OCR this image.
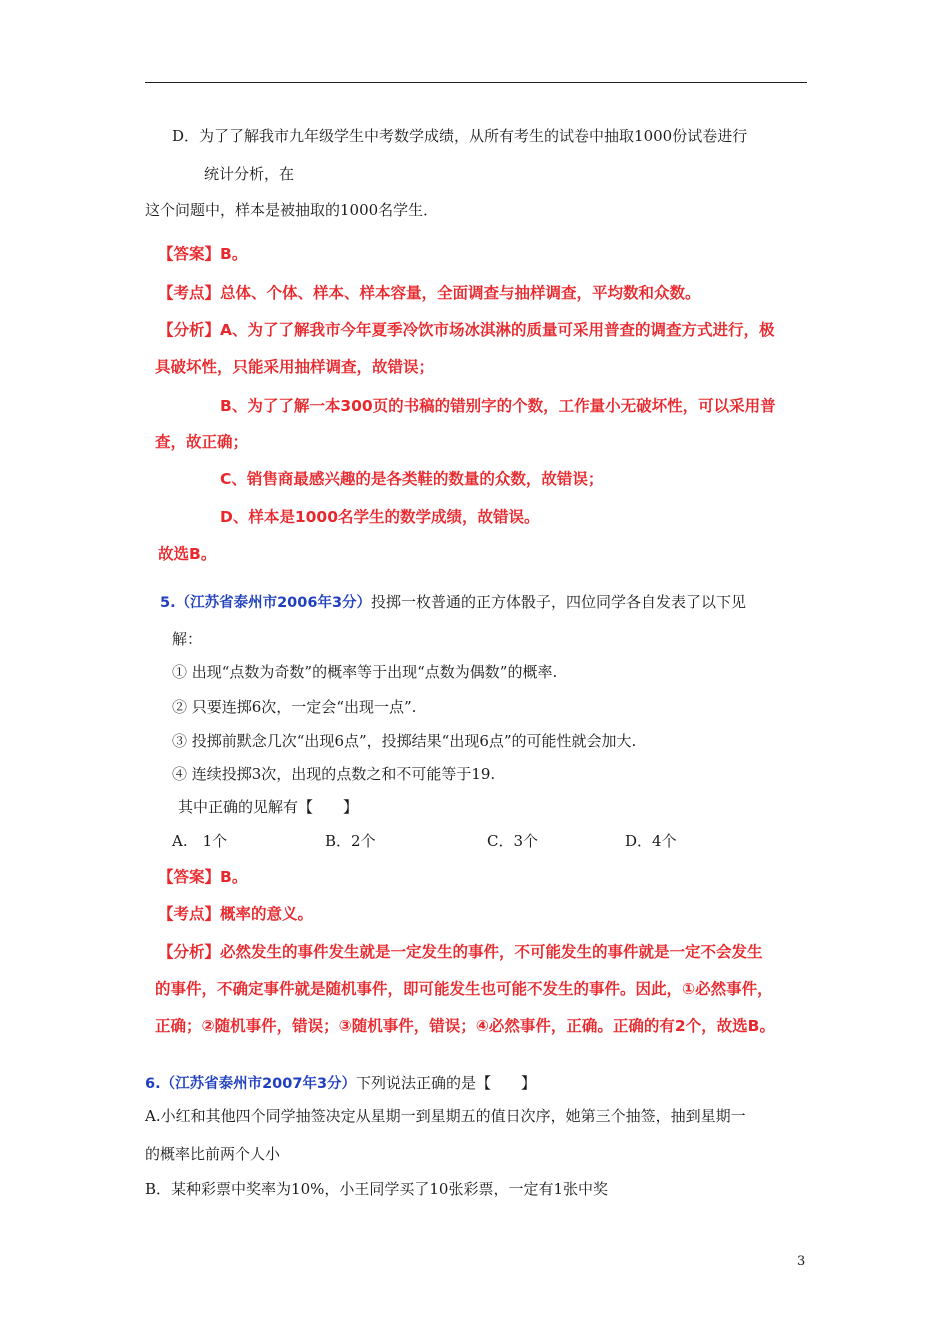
D．为了了解我市九年级学生中考数学成绩，从所有考生的试卷中抽取1000份试卷进行
统计分析，在
这个问题中，样本是被抽取的1000名学生．
【答案】B。
【考点】总体、个体、样本、样本容量，全面调查与抽样调查，平均数和众数。
【分析】A、为了了解我市今年夏季冷饮市场冰淇淋的质量可采用普查的调查方式进行，极
具破坏性，只能采用抽样调查，故错误；
B、为了了解一本300页的书稿的错别字的个数，工作量小无破坏性，可以采用普
查，故正确；
C、销售商最感兴趣的是各类鞋的数量的众数，故错误；
D、样本是1000名学生的数学成绩，故错误。
故选B。
5.（江苏省泰州市2006年3分）投掷一枚普通的正方体骰子，四位同学各自发表了以下见
解：
① 出现“点数为奇数”的概率等于出现“点数为偶数”的概率.
② 只要连掷6次，一定会“出现一点”.
③ 投掷前默念几次“出现6点”，投掷结果“出现6点”的可能性就会加大.
④ 连续投掷3次，出现的点数之和不可能等于19.
其中正确的见解有【　　】
A.　1个	B．2个	C．3个	D．4个
【答案】B。
【考点】概率的意义。
【分析】必然发生的事件发生就是一定发生的事件，不可能发生的事件就是一定不会发生
的事件，不确定事件就是随机事件，即可能发生也可能不发生的事件。因此，①必然事件，
正确；②随机事件，错误；③随机事件，错误；④必然事件，正确。正确的有2个，故选B。
6.（江苏省泰州市2007年3分）下列说法正确的是【　　】
A.小红和其他四个同学抽签决定从星期一到星期五的值日次序，她第三个抽签，抽到星期一
的概率比前两个人小
B．某种彩票中奖率为10%，小王同学买了10张彩票，一定有1张中奖
3
